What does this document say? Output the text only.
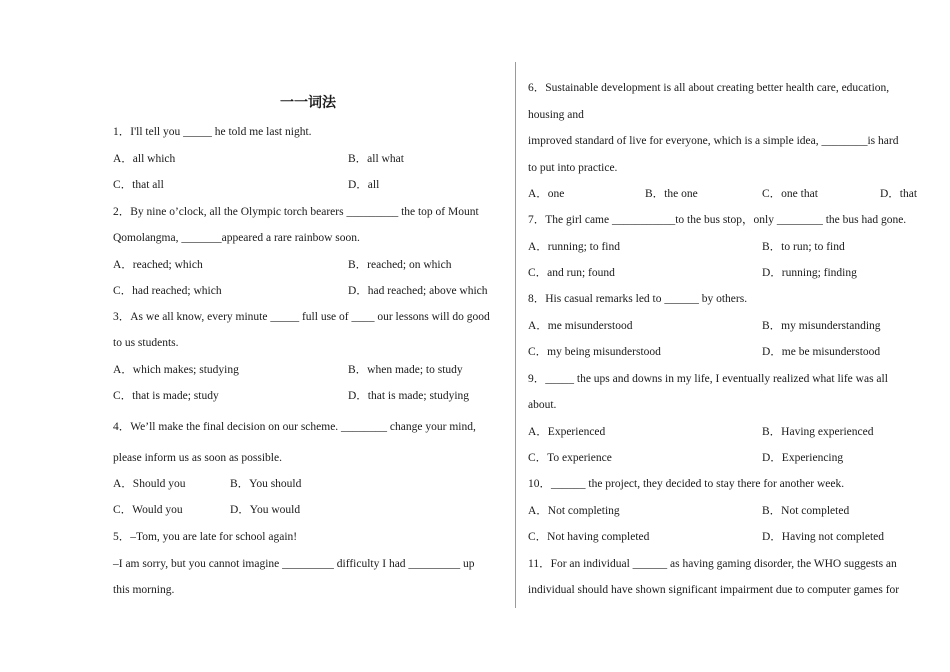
一一词法
1．I'll tell you _____ he told me last night.
A．all which	B．all what
C．that all	D．all
2．By nine o’clock, all the Olympic torch bearers _________ the top of Mount
Qomolangma, _______appeared a rare rainbow soon.
A．reached; which	B．reached; on which
C．had reached; which	D．had reached; above which
3．As we all know, every minute _____ full use of ____ our lessons will do good
to us students.
A．which makes; studying	B．when made; to study
C．that is made; study	D．that is made; studying
4．We’ll make the final decision on our scheme. ________ change your mind,
please inform us as soon as possible.
A．Should you	B．You should
C．Would you	D．You would
5．–Tom, you are late for school again!
–I am sorry, but you cannot imagine _________ difficulty I had _________ up
this morning.
6．Sustainable development is all about creating better health care, education,
housing and
improved standard of live for everyone, which is a simple idea, ________is hard
to put into practice.
A．one	B．the one	C．one that	D．that
7．The girl came ___________to the bus stop，only ________ the bus had gone.
A．running; to find	B．to run; to find
C．and run; found	D．running; finding
8．His casual remarks led to ______ by others.
A．me misunderstood	B．my misunderstanding
C．my being misunderstood	D．me be misunderstood
9．_____ the ups and downs in my life, I eventually realized what life was all
about.
A．Experienced	B．Having experienced
C．To experience	D．Experiencing
10．______ the project, they decided to stay there for another week.
A．Not completing	B．Not completed
C．Not having completed	D．Having not completed
11．For an individual ______ as having gaming disorder, the WHO suggests an
individual should have shown significant impairment due to computer games for
